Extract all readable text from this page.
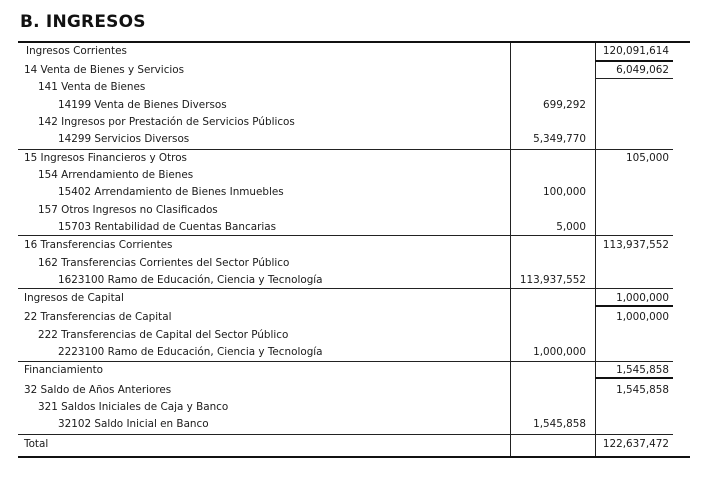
B. INGRESOS
Ingresos Corrientes	120,091,614
14 Venta de Bienes y Servicios	6,049,062
141 Venta de Bienes
14199 Venta de Bienes Diversos	699,292
142 Ingresos por Prestación de Servicios Públicos
14299 Servicios Diversos	5,349,770
15 Ingresos Financieros y Otros	105,000
154 Arrendamiento de Bienes
15402 Arrendamiento de Bienes Inmuebles	100,000
157 Otros Ingresos no Clasificados
15703 Rentabilidad de Cuentas Bancarias	5,000
16 Transferencias Corrientes	113,937,552
162 Transferencias Corrientes del Sector Público
1623100 Ramo de Educación, Ciencia y Tecnología	113,937,552
Ingresos de Capital	1,000,000
22 Transferencias de Capital	1,000,000
222 Transferencias de Capital del Sector Público
2223100 Ramo de Educación, Ciencia y Tecnología	1,000,000
Financiamiento	1,545,858
32 Saldo de Años Anteriores	1,545,858
321 Saldos Iniciales de Caja y Banco
32102 Saldo Inicial en Banco	1,545,858
Total	122,637,472
